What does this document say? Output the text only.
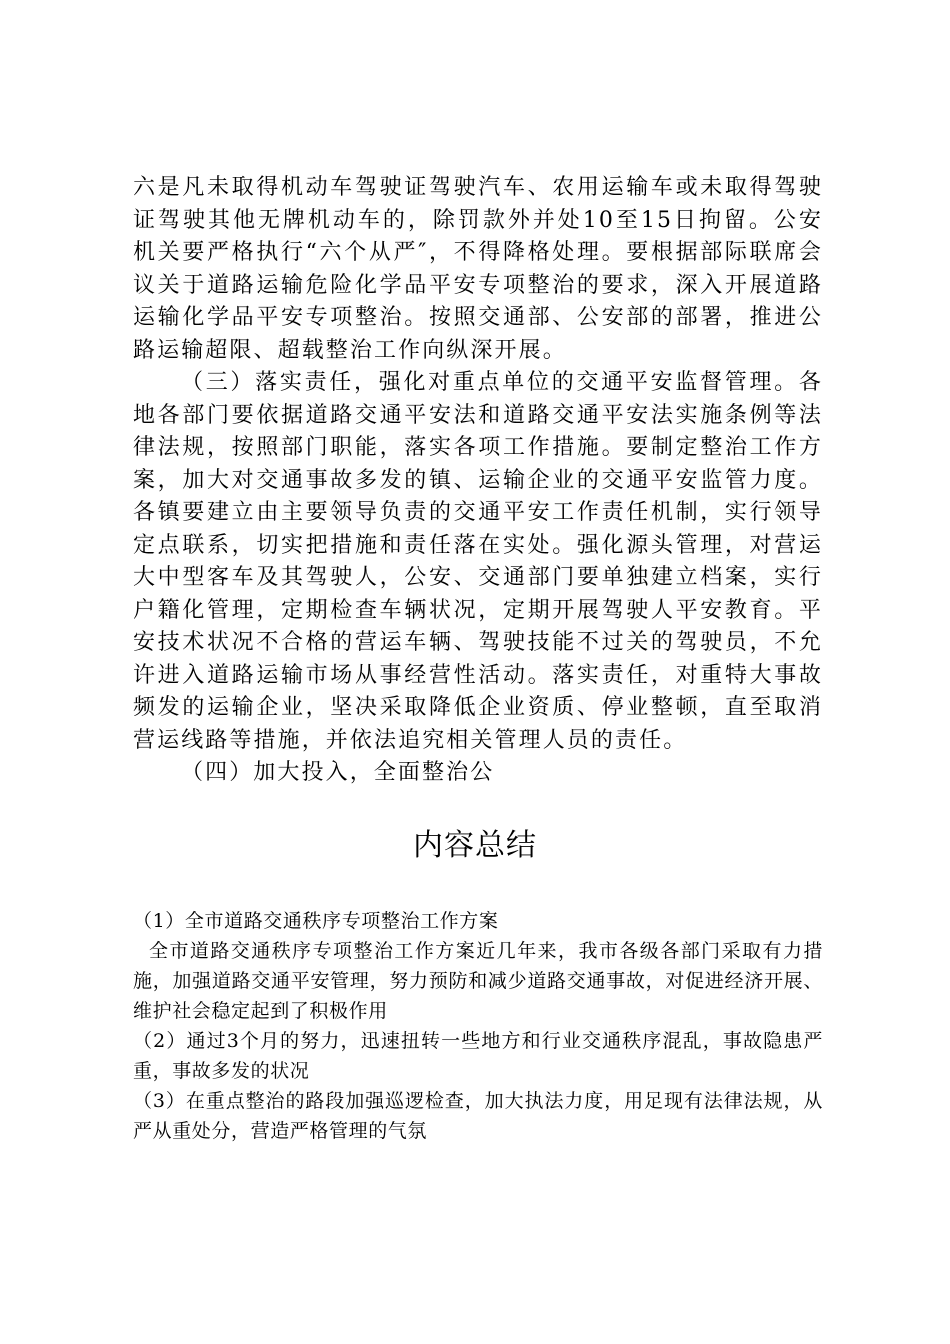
六是凡未取得机动车驾驶证驾驶汽车、农用运输车或未取得驾驶证驾驶其他无牌机动车的，除罚款外并处10至15日拘留。公安机关要严格执行“六个从严″，不得降格处理。要根据部际联席会议关于道路运输危险化学品平安专项整治的要求，深入开展道路运输化学品平安专项整治。按照交通部、公安部的部署，推进公路运输超限、超载整治工作向纵深开展。

（三）落实责任，强化对重点单位的交通平安监督管理。各地各部门要依据道路交通平安法和道路交通平安法实施条例等法律法规，按照部门职能，落实各项工作措施。要制定整治工作方案，加大对交通事故多发的镇、运输企业的交通平安监管力度。各镇要建立由主要领导负责的交通平安工作责任机制，实行领导定点联系，切实把措施和责任落在实处。强化源头管理，对营运大中型客车及其驾驶人，公安、交通部门要单独建立档案，实行户籍化管理，定期检查车辆状况，定期开展驾驶人平安教育。平安技术状况不合格的营运车辆、驾驶技能不过关的驾驶员，不允许进入道路运输市场从事经营性活动。落实责任，对重特大事故频发的运输企业，坚决采取降低企业资质、停业整顿，直至取消营运线路等措施，并依法追究相关管理人员的责任。

（四）加大投入，全面整治公

内容总结

（1）全市道路交通秩序专项整治工作方案

全市道路交通秩序专项整治工作方案近几年来，我市各级各部门采取有力措施，加强道路交通平安管理，努力预防和减少道路交通事故，对促进经济开展、维护社会稳定起到了积极作用

（2）通过3个月的努力，迅速扭转一些地方和行业交通秩序混乱，事故隐患严重，事故多发的状况

（3）在重点整治的路段加强巡逻检查，加大执法力度，用足现有法律法规，从严从重处分，营造严格管理的气氛
